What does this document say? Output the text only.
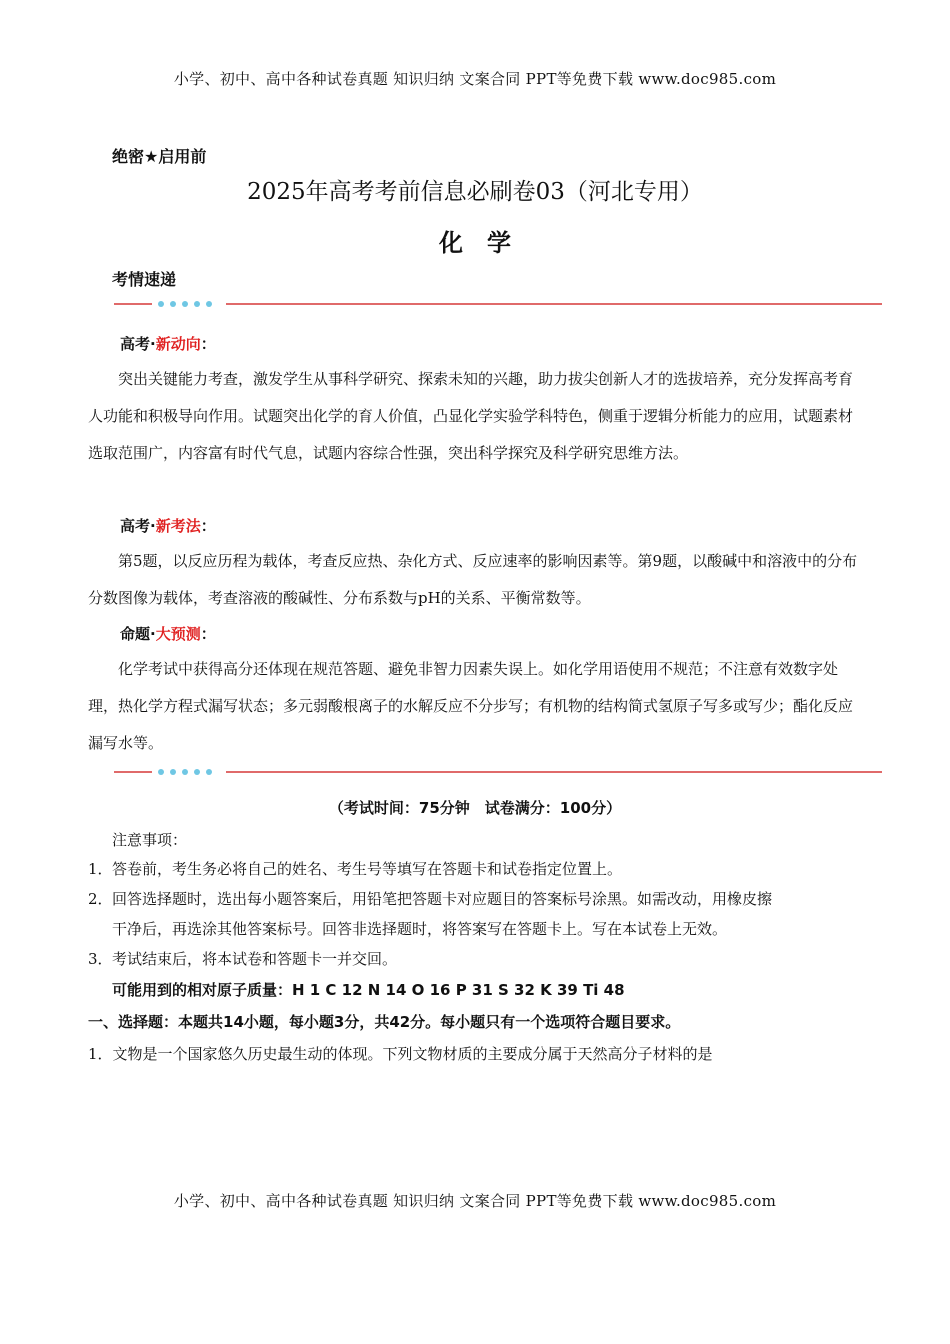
小学、初中、高中各种试卷真题 知识归纳 文案合同 PPT等免费下载 www.doc985.com
绝密★启用前
2025年高考考前信息必刷卷03（河北专用）
化学
考情速递
高考·新动向：

突出关键能力考查，激发学生从事科学研究、探索未知的兴趣，助力拔尖创新人才的选拔培养，充分发挥高考育人功能和积极导向作用。试题突出化学的育人价值，凸显化学实验学科特色，侧重于逻辑分析能力的应用，试题素材选取范围广，内容富有时代气息，试题内容综合性强，突出科学探究及科学研究思维方法。

高考·新考法：

第5题，以反应历程为载体，考查反应热、杂化方式、反应速率的影响因素等。第9题，以酸碱中和溶液中的分布分数图像为载体，考查溶液的酸碱性、分布系数与pH的关系、平衡常数等。

命题·大预测：

化学考试中获得高分还体现在规范答题、避免非智力因素失误上。如化学用语使用不规范；不注意有效数字处理，热化学方程式漏写状态；多元弱酸根离子的水解反应不分步写；有机物的结构简式氢原子写多或写少；酯化反应漏写水等。

（考试时间：75分钟　试卷满分：100分）
注意事项：
1．答卷前，考生务必将自己的姓名、考生号等填写在答题卡和试卷指定位置上。
2．回答选择题时，选出每小题答案后，用铅笔把答题卡对应题目的答案标号涂黑。如需改动，用橡皮擦
干净后，再选涂其他答案标号。回答非选择题时，将答案写在答题卡上。写在本试卷上无效。
3．考试结束后，将本试卷和答题卡一并交回。
可能用到的相对原子质量：H 1 C 12 N 14 O 16 P 31 S 32 K 39 Ti 48
一、选择题：本题共14小题，每小题3分，共42分。每小题只有一个选项符合题目要求。
1．文物是一个国家悠久历史最生动的体现。下列文物材质的主要成分属于天然高分子材料的是
小学、初中、高中各种试卷真题 知识归纳 文案合同 PPT等免费下载 www.doc985.com
